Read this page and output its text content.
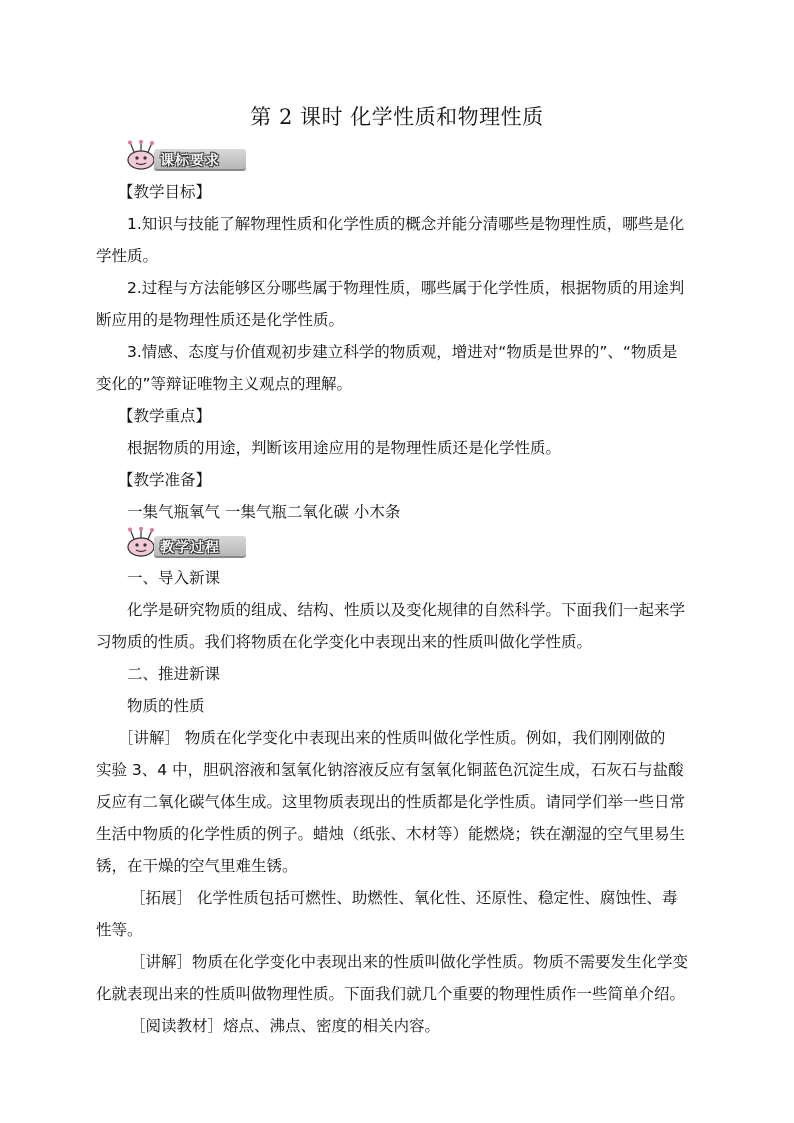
第 2 课时 化学性质和物理性质
课标要求
【教学目标】
1.知识与技能了解物理性质和化学性质的概念并能分清哪些是物理性质，哪些是化
学性质。
2.过程与方法能够区分哪些属于物理性质，哪些属于化学性质，根据物质的用途判
断应用的是物理性质还是化学性质。
3.情感、态度与价值观初步建立科学的物质观，增进对“物质是世界的”、“物质是
变化的”等辩证唯物主义观点的理解。
【教学重点】
根据物质的用途，判断该用途应用的是物理性质还是化学性质。
【教学准备】
一集气瓶氧气 一集气瓶二氧化碳 小木条
教学过程
一、导入新课
化学是研究物质的组成、结构、性质以及变化规律的自然科学。下面我们一起来学
习物质的性质。我们将物质在化学变化中表现出来的性质叫做化学性质。
二、推进新课
物质的性质
［讲解］ 物质在化学变化中表现出来的性质叫做化学性质。例如，我们刚刚做的
实验 3、4 中，胆矾溶液和氢氧化钠溶液反应有氢氧化铜蓝色沉淀生成，石灰石与盐酸
反应有二氧化碳气体生成。这里物质表现出的性质都是化学性质。请同学们举一些日常
生活中物质的化学性质的例子。蜡烛（纸张、木材等）能燃烧；铁在潮湿的空气里易生
锈，在干燥的空气里难生锈。
［拓展］ 化学性质包括可燃性、助燃性、氧化性、还原性、稳定性、腐蚀性、毒
性等。
［讲解］物质在化学变化中表现出来的性质叫做化学性质。物质不需要发生化学变
化就表现出来的性质叫做物理性质。下面我们就几个重要的物理性质作一些简单介绍。
［阅读教材］熔点、沸点、密度的相关内容。
